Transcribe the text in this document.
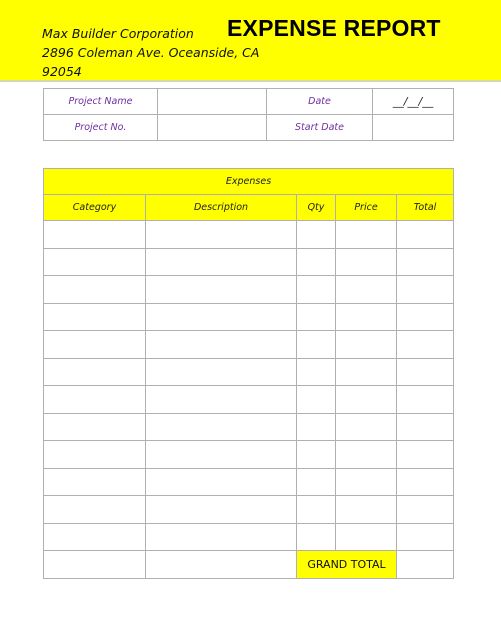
Max Builder Corporation
2896 Coleman Ave. Oceanside, CA
92054
EXPENSE REPORT
Project Name		Date	__/__/__
Project No.		Start Date	
Expenses				
Category	Description	Qty	Price	Total

		GRAND TOTAL		
